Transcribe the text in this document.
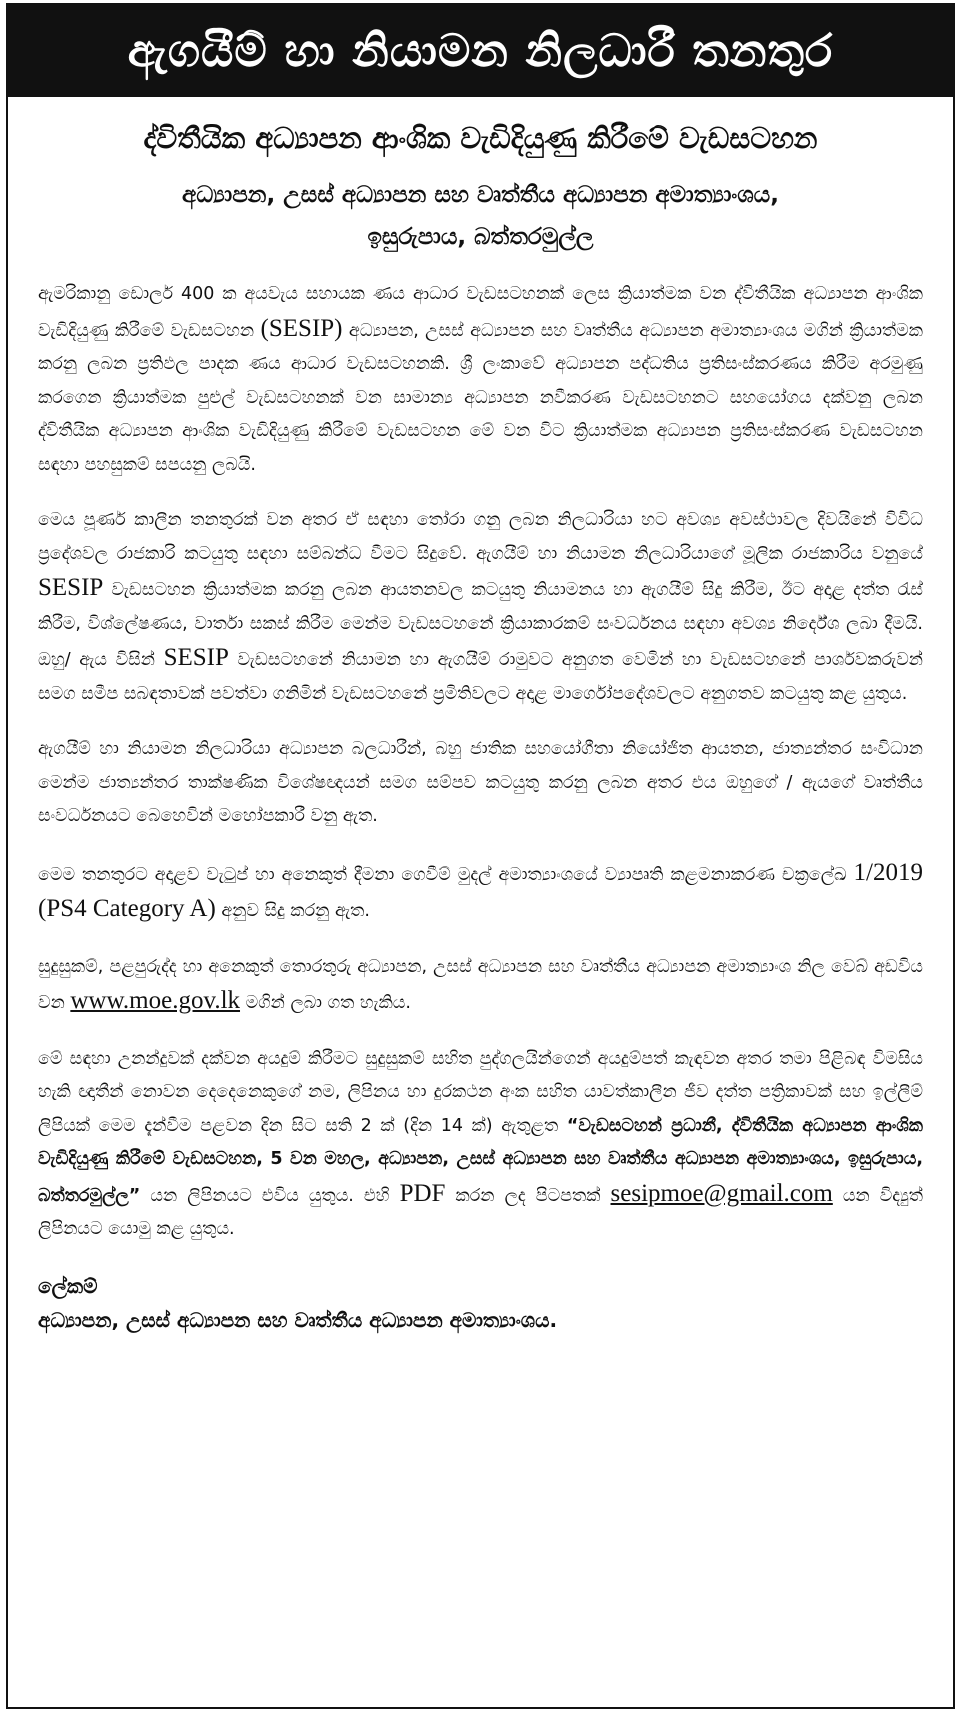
ඇගයීම් හා නියාමන නිලධාරී තනතුර
ද්විතීයික අධ්‍යාපන ආංශික වැඩිදියුණු කිරීමේ වැඩසටහන
අධ්‍යාපන, උසස් අධ්‍යාපන සහ වෘත්තීය අධ්‍යාපන අමාත්‍යාංශය,
ඉසුරුපාය, බත්තරමුල්ල

ඇමරිකානු ඩොලර් 400 ක අයවැය සහායක ණය ආධාර වැඩසටහනක් ලෙස ක්‍රියාත්මක වන ද්විතීයික අධ්‍යාපන ආංශික වැඩිදියුණු කිරීමේ වැඩසටහන (SESIP) අධ්‍යාපන, උසස් අධ්‍යාපන සහ වෘත්තීය අධ්‍යාපන අමාත්‍යාංශය මගින් ක්‍රියාත්මක කරනු ලබන ප්‍රතිඵල පාදක ණය ආධාර වැඩසටහනකි. ශ්‍රී ලංකාවේ අධ්‍යාපන පද්ධතිය ප්‍රතිසංස්කරණය කිරීම අරමුණු කරගෙන ක්‍රියාත්මක පුළුල් වැඩසටහනක් වන සාමාන්‍ය අධ්‍යාපන නවීකරණ වැඩසටහනට සහයෝගය දක්වනු ලබන ද්විතීයික අධ්‍යාපන ආංශික වැඩිදියුණු කිරීමේ වැඩසටහන මේ වන විට ක්‍රියාත්මක අධ්‍යාපන ප්‍රතිසංස්කරණ වැඩසටහන සඳහා පහසුකම් සපයනු ලබයි.

මෙය පූර්ණ කාලීන තනතුරක් වන අතර ඒ සඳහා තෝරා ගනු ලබන නිලධාරියා හට අවශ්‍ය අවස්ථාවල දිවයිනේ විවිධ ප්‍රදේශවල රාජකාරි කටයුතු සඳහා සම්බන්ධ වීමට සිදුවේ. ඇගයීම් හා නියාමන නිලධාරියාගේ මූලික රාජකාරිය වනුයේ SESIP වැඩසටහන ක්‍රියාත්මක කරනු ලබන ආයතනවල කටයුතු නියාමනය හා ඇගයීම් සිදු කිරීම, ඊට අදාළ දත්ත රැස් කිරීම, විශ්ලේෂණය, වාර්තා සකස් කිරීම මෙන්ම වැඩසටහනේ ක්‍රියාකාරකම් සංවර්ධනය සඳහා අවශ්‍ය නිර්දේශ ලබා දීමයි. ඔහු/ ඇය විසින් SESIP වැඩසටහනේ නියාමන හා ඇගයීම් රාමුවට අනුගත වෙමින් හා වැඩසටහනේ පාර්ශවකරුවන් සමග සමීප සබඳතාවක් පවත්වා ගනිමින් වැඩසටහනේ ප්‍රමිතිවලට අදාළ මාර්ගෝපදේශවලට අනුගතව කටයුතු කළ යුතුය.

ඇගයීම් හා නියාමන නිලධාරියා අධ්‍යාපන බලධාරීන්, බහු ජාතික සහයෝගීතා නියෝජිත ආයතන, ජාත්‍යන්තර සංවිධාන මෙන්ම ජාත්‍යන්තර තාක්ෂණික විශේෂඥයන් සමග සම්පව කටයුතු කරනු ලබන අතර එය ඔහුගේ / ඇයගේ වෘත්තීය සංවර්ධනයට බෙහෙවින් මහෝපකාරී වනු ඇත.

මෙම තනතුරට අදාළව වැටුප් හා අනෙකුත් දීමනා ගෙවීම් මුදල් අමාත්‍යාංශයේ ව්‍යාපෘති කළමනාකරණ චක්‍රලේඛ 1/2019 (PS4 Category A) අනුව සිදු කරනු ඇත.

සුදුසුකම්, පළපුරුද්ද හා අනෙකුත් තොරතුරු අධ්‍යාපන, උසස් අධ්‍යාපන සහ වෘත්තීය අධ්‍යාපන අමාත්‍යාංශ නිල වෙබ් අඩවිය වන www.moe.gov.lk මගින් ලබා ගත හැකිය.

මේ සඳහා උනන්දුවක් දක්වන අයදුම් කිරීමට සුදුසුකම් සහිත පුද්ගලයින්ගෙන් අයදුම්පත් කැඳවන අතර තමා පිළිබඳ විමසිය හැකි ඥාතීන් නොවන දෙදෙනෙකුගේ නම, ලිපිනය හා දුරකථන අංක සහිත යාවත්කාලීන ජීව දත්ත පත්‍රිකාවක් සහ ඉල්ලීම් ලිපියක් මෙම දැන්වීම පළවන දින සිට සති 2 ක් (දින 14 ක්) ඇතුළත “වැඩසටහන් ප්‍රධානී, ද්විතීයික අධ්‍යාපන ආංශික වැඩිදියුණු කිරීමේ වැඩසටහන, 5 වන මහල, අධ්‍යාපන, උසස් අධ්‍යාපන සහ වෘත්තීය අධ්‍යාපන අමාත්‍යාංශය, ඉසුරුපාය, බත්තරමුල්ල” යන ලිපිනයට එවිය යුතුය. එහි PDF කරන ලද පිටපතක් sesipmoe@gmail.com යන විද්‍යුත් ලිපිනයට යොමු කළ යුතුය.

ලේකම්
අධ්‍යාපන, උසස් අධ්‍යාපන සහ වෘත්තීය අධ්‍යාපන අමාත්‍යාංශය.
